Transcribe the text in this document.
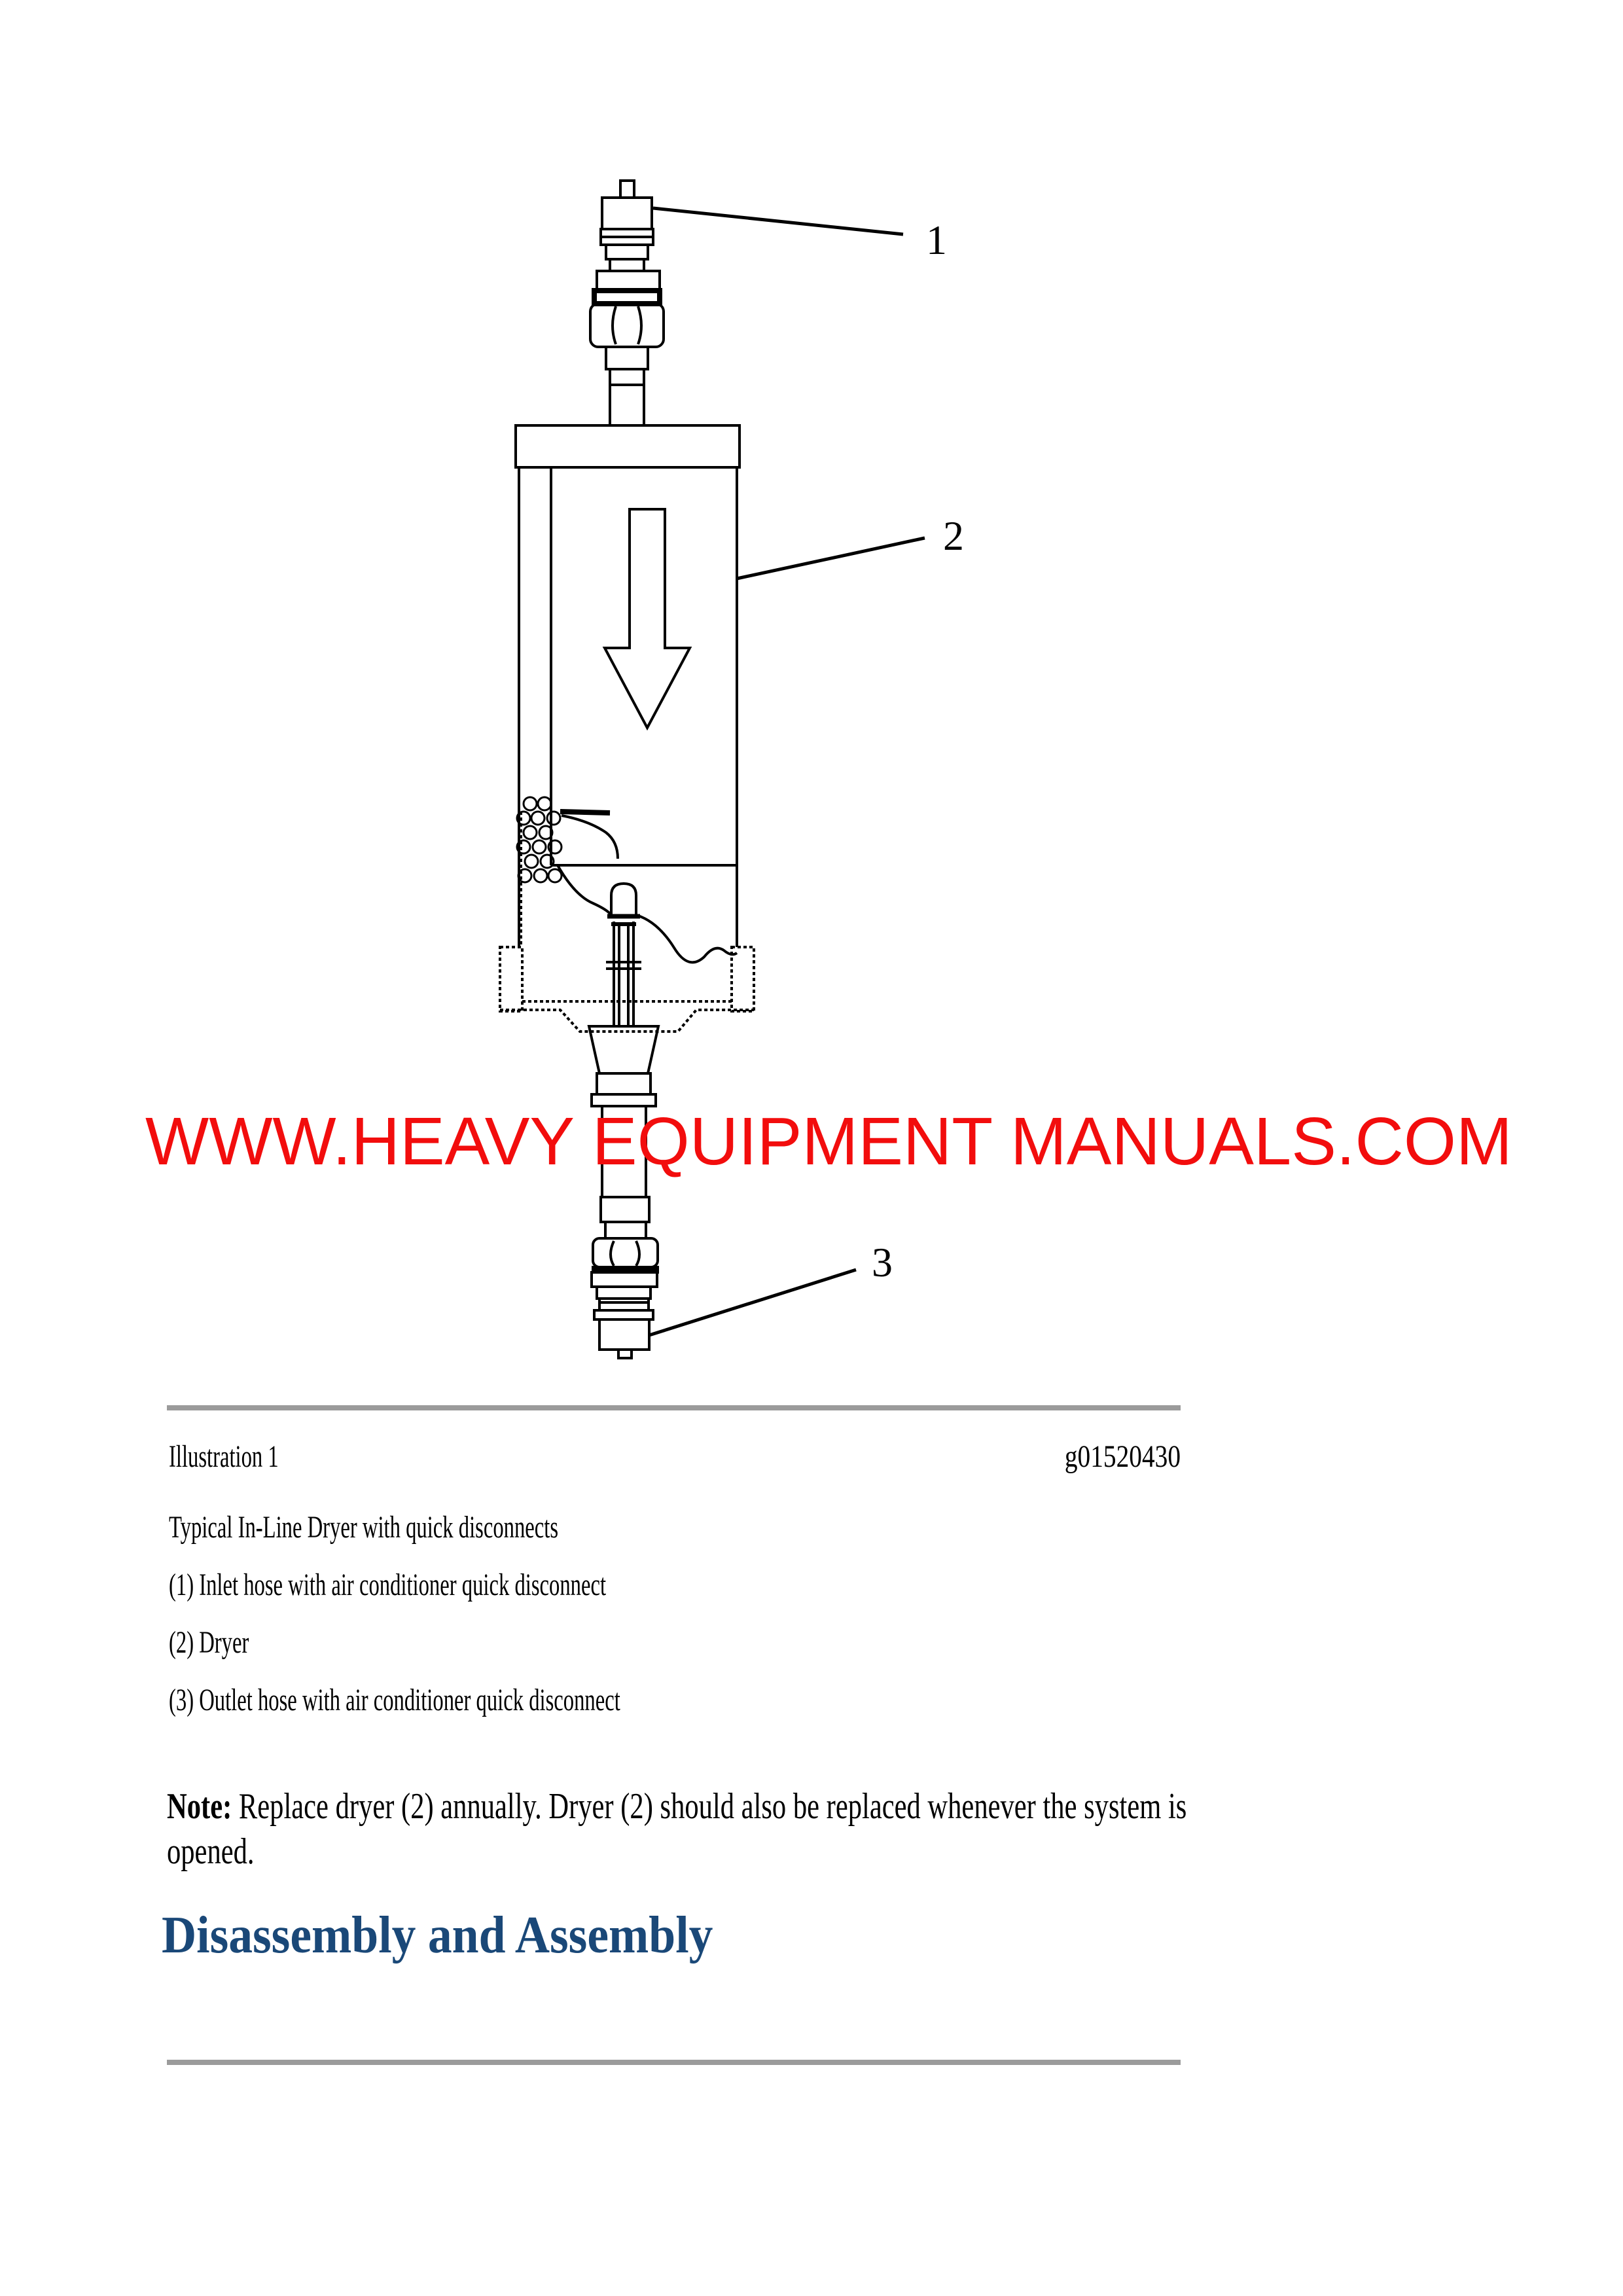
1
2
3
WWW.HEAVY EQUIPMENT MANUALS.COM
Illustration 1	g01520430
Typical In-Line Dryer with quick disconnects
(1) Inlet hose with air conditioner quick disconnect
(2) Dryer
(3) Outlet hose with air conditioner quick disconnect
Note: Replace dryer (2) annually. Dryer (2) should also be replaced whenever the system is
opened.
Disassembly and Assembly
